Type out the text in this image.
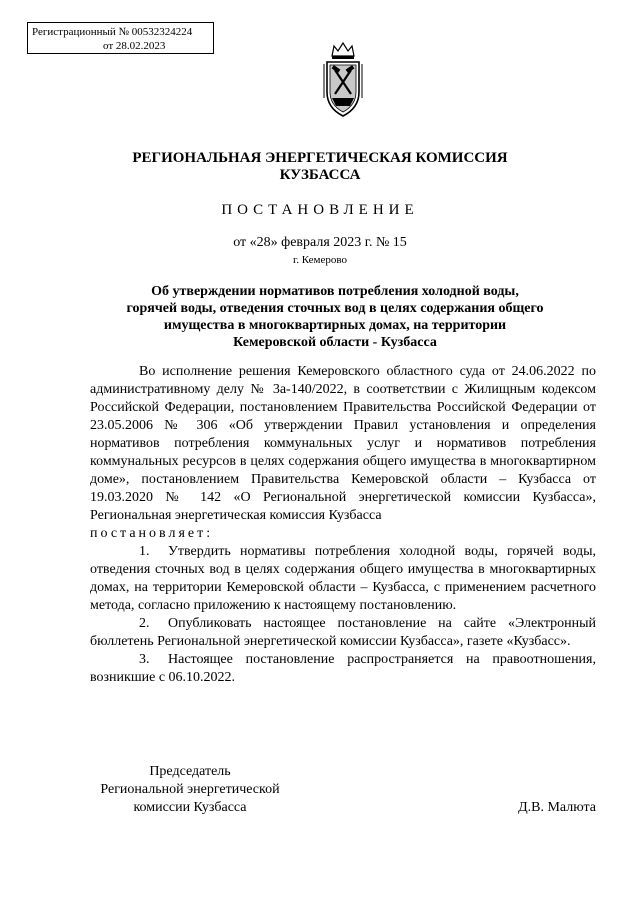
Регистрационный № 00532324224
от 28.02.2023
РЕГИОНАЛЬНАЯ ЭНЕРГЕТИЧЕСКАЯ КОМИССИЯ
КУЗБАССА
ПОСТАНОВЛЕНИЕ
от «28» февраля 2023 г. № 15
г. Кемерово
Об утверждении нормативов потребления холодной воды, горячей воды, отведения сточных вод в целях содержания общего имущества в многоквартирных домах, на территории Кемеровской области - Кузбасса

Во исполнение решения Кемеровского областного суда от 24.06.2022 по административному делу № 3а-140/2022, в соответствии с Жилищным кодексом Российской Федерации, постановлением Правительства Российской Федерации от 23.05.2006 № 306 «Об утверждении Правил установления и определения нормативов потребления коммунальных услуг и нормативов потребления коммунальных ресурсов в целях содержания общего имущества в многоквартирном доме», постановлением Правительства Кемеровской области – Кузбасса от 19.03.2020 № 142 «О Региональной энергетической комиссии Кузбасса», Региональная энергетическая комиссия Кузбасса

постановляет:

1. Утвердить нормативы потребления холодной воды, горячей воды, отведения сточных вод в целях содержания общего имущества в многоквартирных домах, на территории Кемеровской области – Кузбасса, с применением расчетного метода, согласно приложению к настоящему постановлению.

2. Опубликовать настоящее постановление на сайте «Электронный бюллетень Региональной энергетической комиссии Кузбасса», газете «Кузбасс».

3. Настоящее постановление распространяется на правоотношения, возникшие с 06.10.2022.

Председатель
Региональной энергетической
комиссии Кузбасса	Д.В. Малюта
